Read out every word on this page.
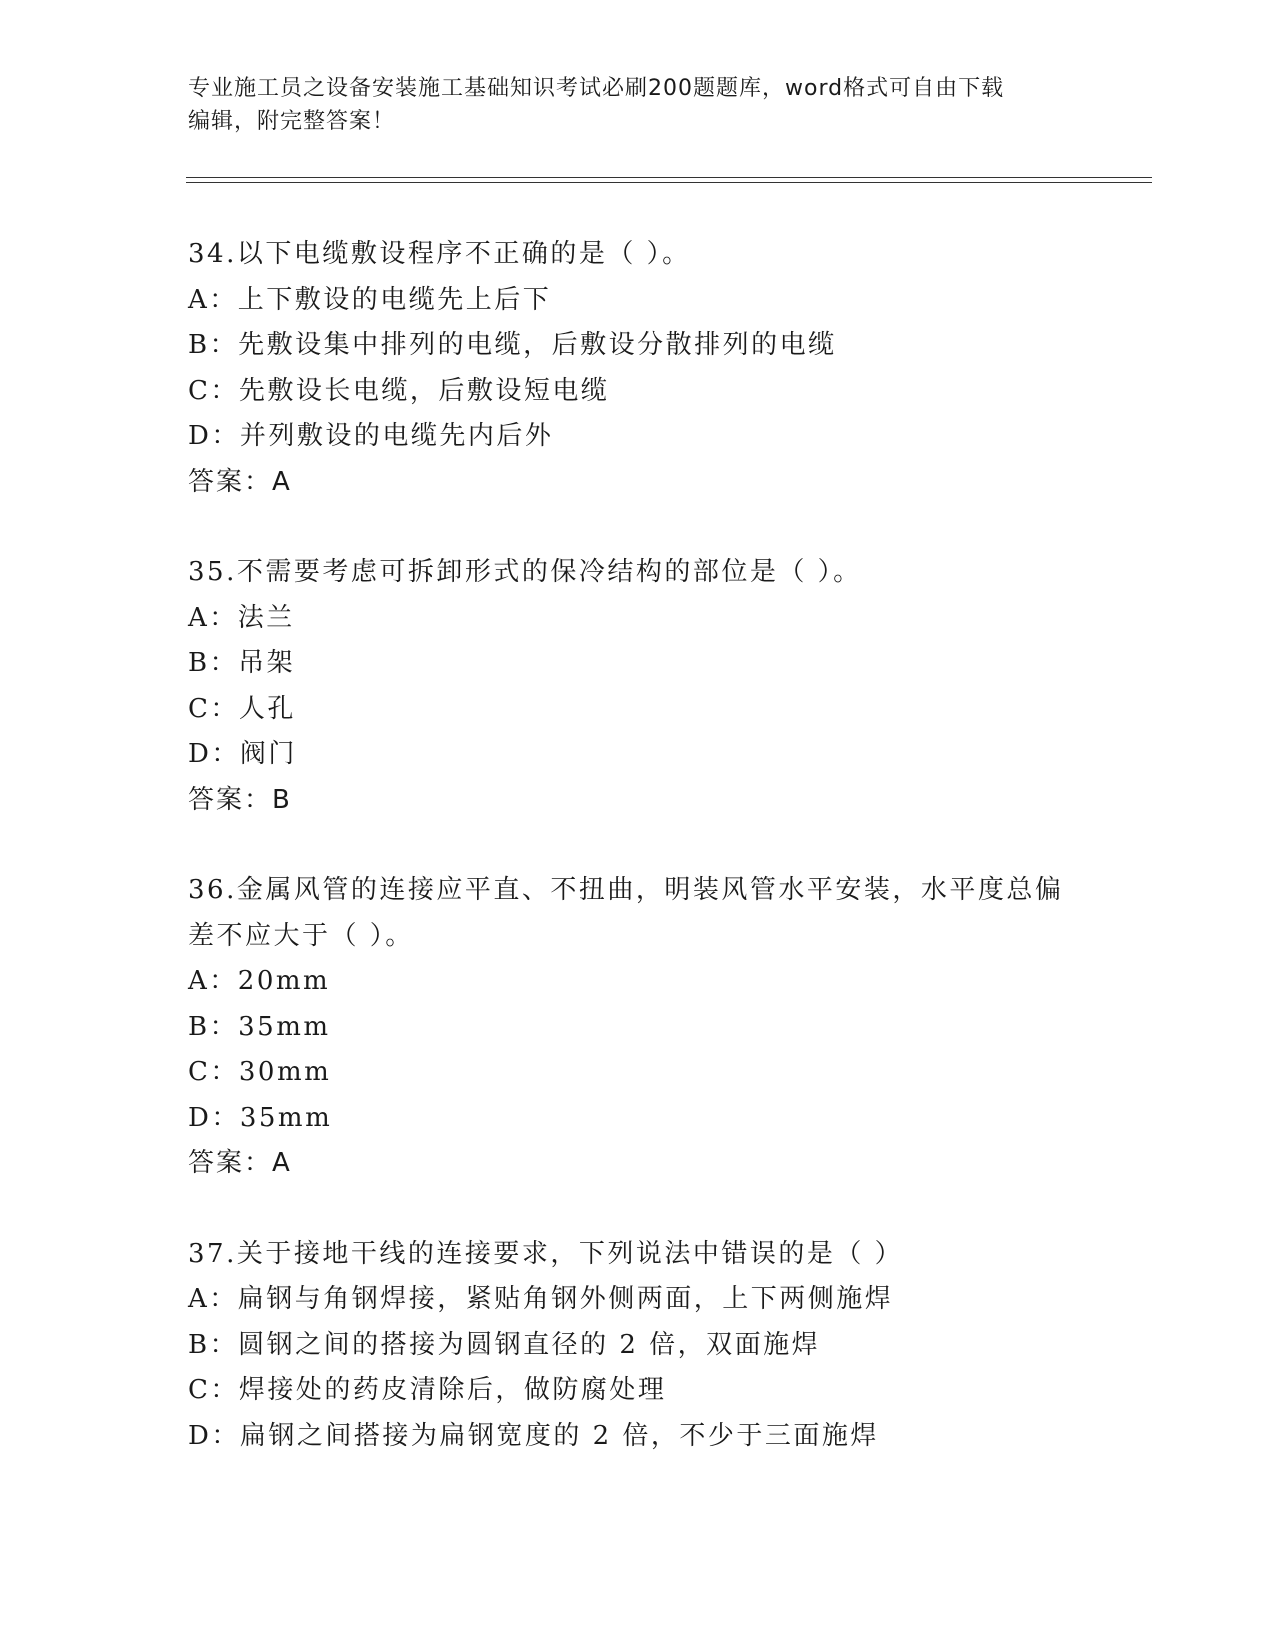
专业施工员之设备安装施工基础知识考试必刷200题题库，word格式可自由下载
编辑，附完整答案！
34.以下电缆敷设程序不正确的是（ ）。
A：上下敷设的电缆先上后下
B：先敷设集中排列的电缆，后敷设分散排列的电缆
C：先敷设长电缆，后敷设短电缆
D：并列敷设的电缆先内后外
答案：A
35.不需要考虑可拆卸形式的保冷结构的部位是（ ）。
A：法兰
B：吊架
C：人孔
D：阀门
答案：B
36.金属风管的连接应平直、不扭曲，明装风管水平安装，水平度总偏
差不应大于（ ）。
A：20mm
B：35mm
C：30mm
D：35mm
答案：A
37.关于接地干线的连接要求，下列说法中错误的是（ ）
A：扁钢与角钢焊接，紧贴角钢外侧两面，上下两侧施焊
B：圆钢之间的搭接为圆钢直径的 2 倍，双面施焊
C：焊接处的药皮清除后，做防腐处理
D：扁钢之间搭接为扁钢宽度的 2 倍，不少于三面施焊
